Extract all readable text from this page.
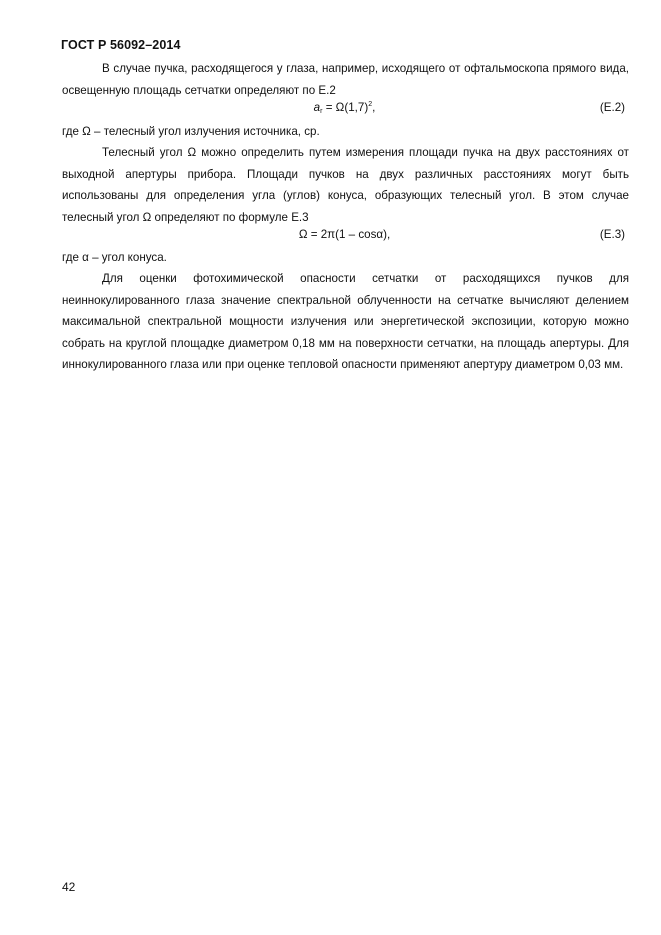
ГОСТ Р 56092–2014

В случае пучка, расходящегося у глаза, например, исходящего от офтальмоскопа прямого вида, освещенную площадь сетчатки определяют по Е.2

$a_r = \Omega(1,7)^2$,	(E.2)

где Ω – телесный угол излучения источника, ср.

Телесный угол Ω можно определить путем измерения площади пучка на двух расстояниях от выходной апертуры прибора. Площади пучков на двух различных расстояниях могут быть использованы для определения угла (углов) конуса, образующих телесный угол. В этом случае телесный угол Ω определяют по формуле Е.3

Ω = 2π(1 – cosα),	(E.3)

где α – угол конуса.

Для оценки фотохимической опасности сетчатки от расходящихся пучков для неиннокулированного глаза значение спектральной облученности на сетчатке вычисляют делением максимальной спектральной мощности излучения или энергетической экспозиции, которую можно собрать на круглой площадке диаметром 0,18 мм на поверхности сетчатки, на площадь апертуры. Для иннокулированного глаза или при оценке тепловой опасности применяют апертуру диаметром 0,03 мм.

42
